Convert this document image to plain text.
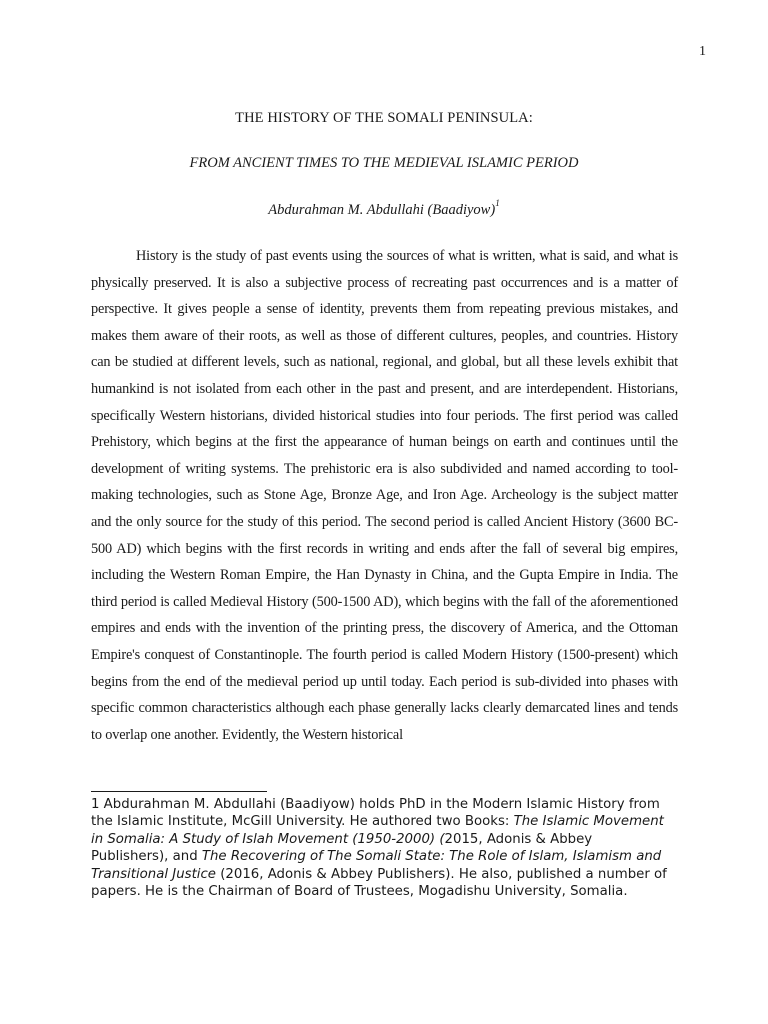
1
THE HISTORY OF THE SOMALI PENINSULA:
FROM ANCIENT TIMES TO THE MEDIEVAL ISLAMIC PERIOD
Abdurahman M. Abdullahi (Baadiyow)$^1$

History is the study of past events using the sources of what is written, what is said, and what is physically preserved. It is also a subjective process of recreating past occurrences and is a matter of perspective. It gives people a sense of identity, prevents them from repeating previous mistakes, and makes them aware of their roots, as well as those of different cultures, peoples, and countries. History can be studied at different levels, such as national, regional, and global, but all these levels exhibit that humankind is not isolated from each other in the past and present, and are interdependent. Historians, specifically Western historians, divided historical studies into four periods. The first period was called Prehistory, which begins at the first the appearance of human beings on earth and continues until the development of writing systems. The prehistoric era is also subdivided and named according to tool-making technologies, such as Stone Age, Bronze Age, and Iron Age. Archeology is the subject matter and the only source for the study of this period. The second period is called Ancient History (3600 BC-500 AD) which begins with the first records in writing and ends after the fall of several big empires, including the Western Roman Empire, the Han Dynasty in China, and the Gupta Empire in India. The third period is called Medieval History (500-1500 AD), which begins with the fall of the aforementioned empires and ends with the invention of the printing press, the discovery of America, and the Ottoman Empire's conquest of Constantinople. The fourth period is called Modern History (1500-present) which begins from the end of the medieval period up until today. Each period is sub-divided into phases with specific common characteristics although each phase generally lacks clearly demarcated lines and tends to overlap one another. Evidently, the Western historical

1 Abdurahman M. Abdullahi (Baadiyow) holds PhD in the Modern Islamic History from the Islamic Institute, McGill University. He authored two Books: The Islamic Movement in Somalia: A Study of Islah Movement (1950-2000) (2015, Adonis & Abbey Publishers), and The Recovering of The Somali State: The Role of Islam, Islamism and Transitional Justice (2016, Adonis & Abbey Publishers). He also, published a number of papers. He is the Chairman of Board of Trustees, Mogadishu University, Somalia.
